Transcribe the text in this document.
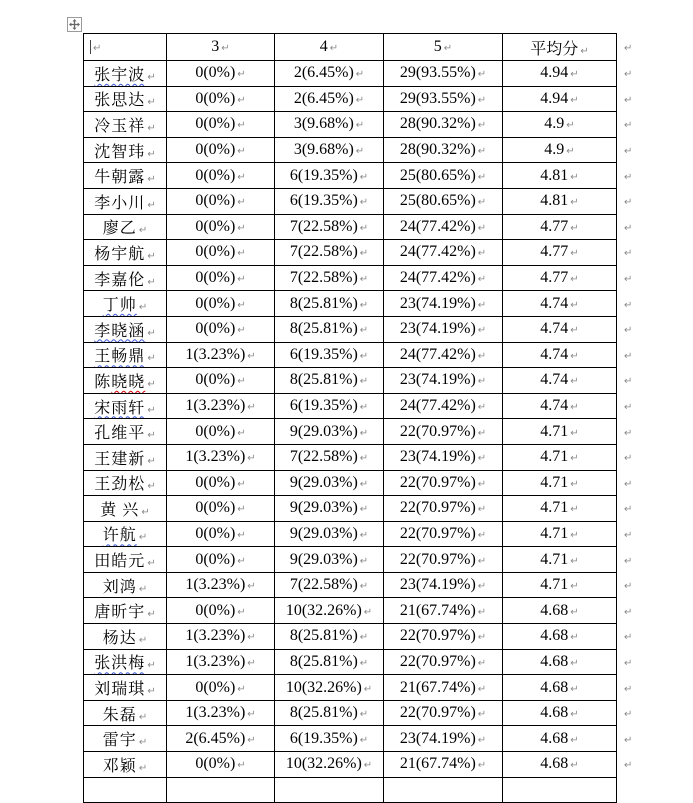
↵	3 ↵	4 ↵	5 ↵	平均分 ↵	↵
张宇波 ↵	0(0%) ↵	2(6.45%) ↵	29(93.55%) ↵	4.94 ↵	↵
张思达 ↵	0(0%) ↵	2(6.45%) ↵	29(93.55%) ↵	4.94 ↵	↵
冷玉祥 ↵	0(0%) ↵	3(9.68%) ↵	28(90.32%) ↵	4.9 ↵	↵
沈智玮 ↵	0(0%) ↵	3(9.68%) ↵	28(90.32%) ↵	4.9 ↵	↵
牛朝露 ↵	0(0%) ↵	6(19.35%) ↵	25(80.65%) ↵	4.81 ↵	↵
李小川 ↵	0(0%) ↵	6(19.35%) ↵	25(80.65%) ↵	4.81 ↵	↵
廖乙 ↵	0(0%) ↵	7(22.58%) ↵	24(77.42%) ↵	4.77 ↵	↵
杨宇航 ↵	0(0%) ↵	7(22.58%) ↵	24(77.42%) ↵	4.77 ↵	↵
李嘉伦 ↵	0(0%) ↵	7(22.58%) ↵	24(77.42%) ↵	4.77 ↵	↵
丁帅 ↵	0(0%) ↵	8(25.81%) ↵	23(74.19%) ↵	4.74 ↵	↵
李晓涵 ↵	0(0%) ↵	8(25.81%) ↵	23(74.19%) ↵	4.74 ↵	↵
王畅鼎 ↵	1(3.23%) ↵	6(19.35%) ↵	24(77.42%) ↵	4.74 ↵	↵
陈晓晓 ↵	0(0%) ↵	8(25.81%) ↵	23(74.19%) ↵	4.74 ↵	↵
宋雨轩 ↵	1(3.23%) ↵	6(19.35%) ↵	24(77.42%) ↵	4.74 ↵	↵
孔维平 ↵	0(0%) ↵	9(29.03%) ↵	22(70.97%) ↵	4.71 ↵	↵
王建新 ↵	1(3.23%) ↵	7(22.58%) ↵	23(74.19%) ↵	4.71 ↵	↵
王劲松 ↵	0(0%) ↵	9(29.03%) ↵	22(70.97%) ↵	4.71 ↵	↵
黄 兴 ↵	0(0%) ↵	9(29.03%) ↵	22(70.97%) ↵	4.71 ↵	↵
许航 ↵	0(0%) ↵	9(29.03%) ↵	22(70.97%) ↵	4.71 ↵	↵
田皓元 ↵	0(0%) ↵	9(29.03%) ↵	22(70.97%) ↵	4.71 ↵	↵
刘鸿 ↵	1(3.23%) ↵	7(22.58%) ↵	23(74.19%) ↵	4.71 ↵	↵
唐昕宇 ↵	0(0%) ↵	10(32.26%) ↵	21(67.74%) ↵	4.68 ↵	↵
杨达 ↵	1(3.23%) ↵	8(25.81%) ↵	22(70.97%) ↵	4.68 ↵	↵
张洪梅 ↵	1(3.23%) ↵	8(25.81%) ↵	22(70.97%) ↵	4.68 ↵	↵
刘瑞琪 ↵	0(0%) ↵	10(32.26%) ↵	21(67.74%) ↵	4.68 ↵	↵
朱磊 ↵	1(3.23%) ↵	8(25.81%) ↵	22(70.97%) ↵	4.68 ↵	↵
雷宇 ↵	2(6.45%) ↵	6(19.35%) ↵	23(74.19%) ↵	4.68 ↵	↵
邓颖 ↵	0(0%) ↵	10(32.26%) ↵	21(67.74%) ↵	4.68 ↵	↵
